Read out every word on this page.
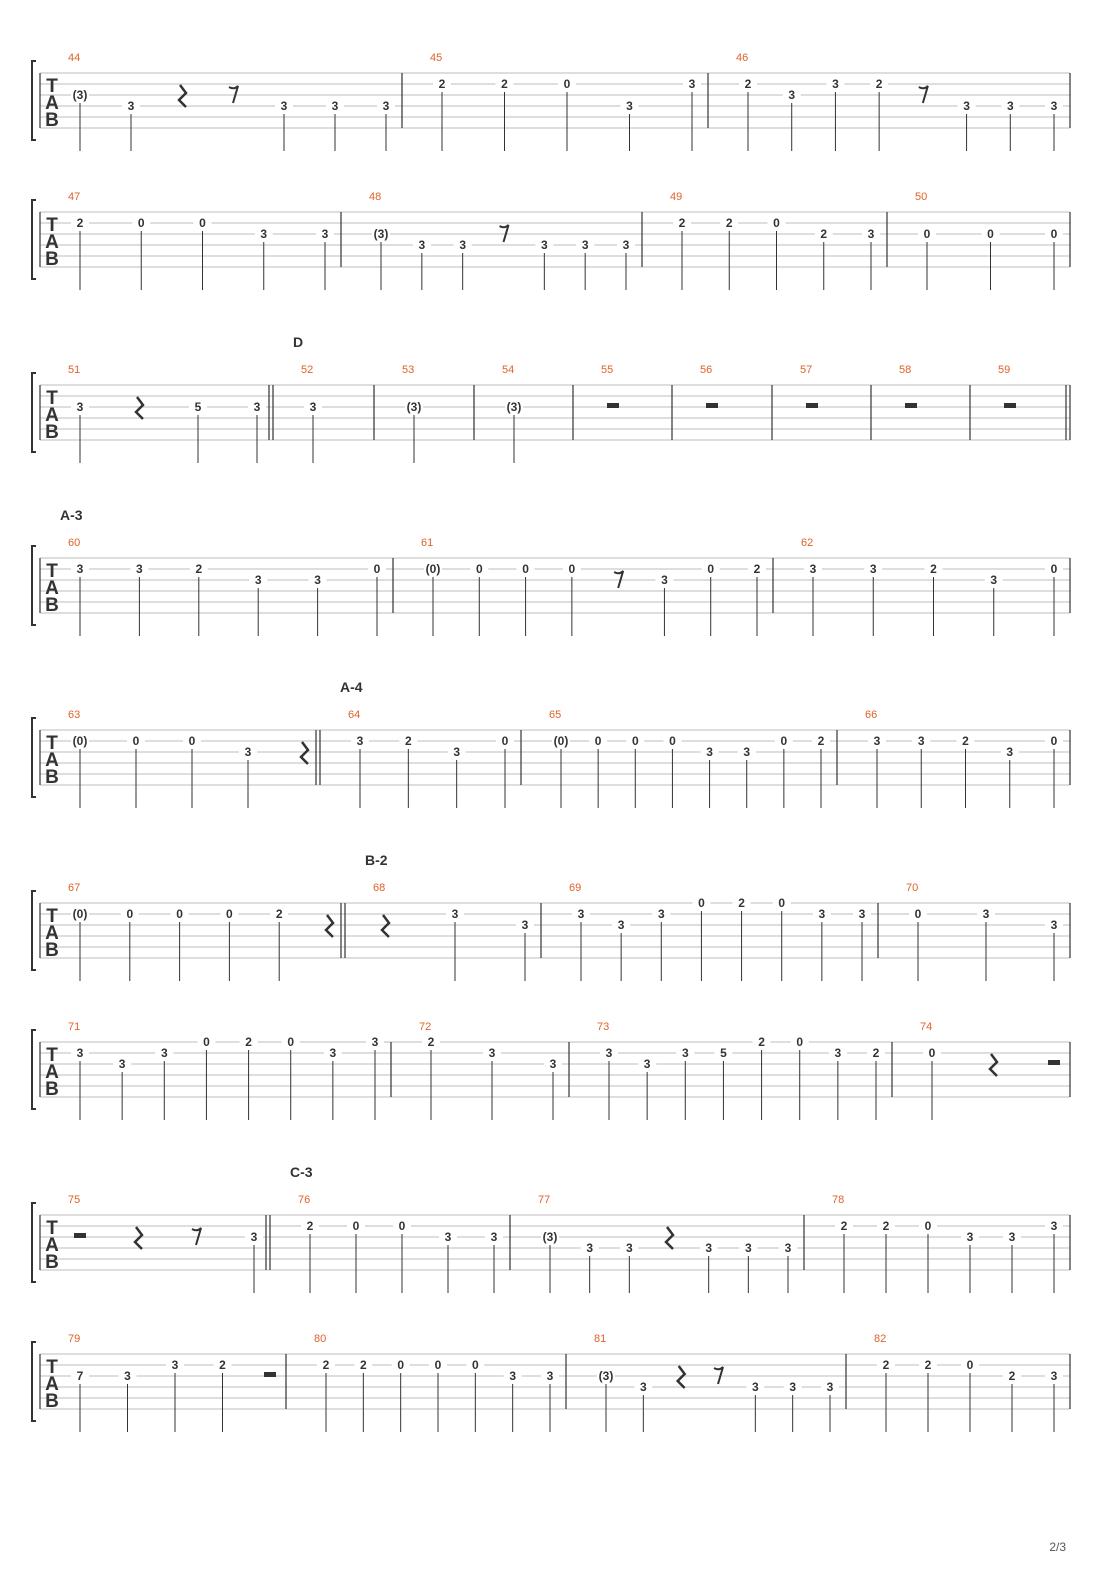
T
A
B
44
(3)
3	3	3	3
45
2	2	0
3
3
46
2
3
3	2
3	3	3
T
A
B
47
2	0	0
3	3
48
(3)
3	3	3	3	3
49
2	2	0
2	3
50
0	0	0
T
A
B
51
3	5	3
52
D
3
53
(3)
54
(3)
55	56	57	58	59
T
A
B
60
A-3
3	3	2
3	3
0
61
(0)	0	0	0
3
0	2
62
3	3	2
3
0
T
A
B
63
(0)	0	0
3
64
A-4
3	2
3
0
65
(0) 0	0	0
3	3
0	2
66
3	3	2
3
0
T
A
B
67
(0)	0	0	0	2
68
B-2
3
3
69
3
3
3
0	2	0
3	3
70
0	3
3
T
A
B
71
3
3
3
0	2	0
3
3
72
2
3
3
73
3
3
3	5
2	0
3	2
74
0
T
A
B
75
3
76
C-3
2	0	0
3	3
77
(3)
3	3	3	3	3
78
2	2	0
3	3
3
T
A
B
79
7	3
3	2
80
2	2	0	0	0
3	3
81
(3)
3	3	3	3
82
2	2	0
2	3
2/3
